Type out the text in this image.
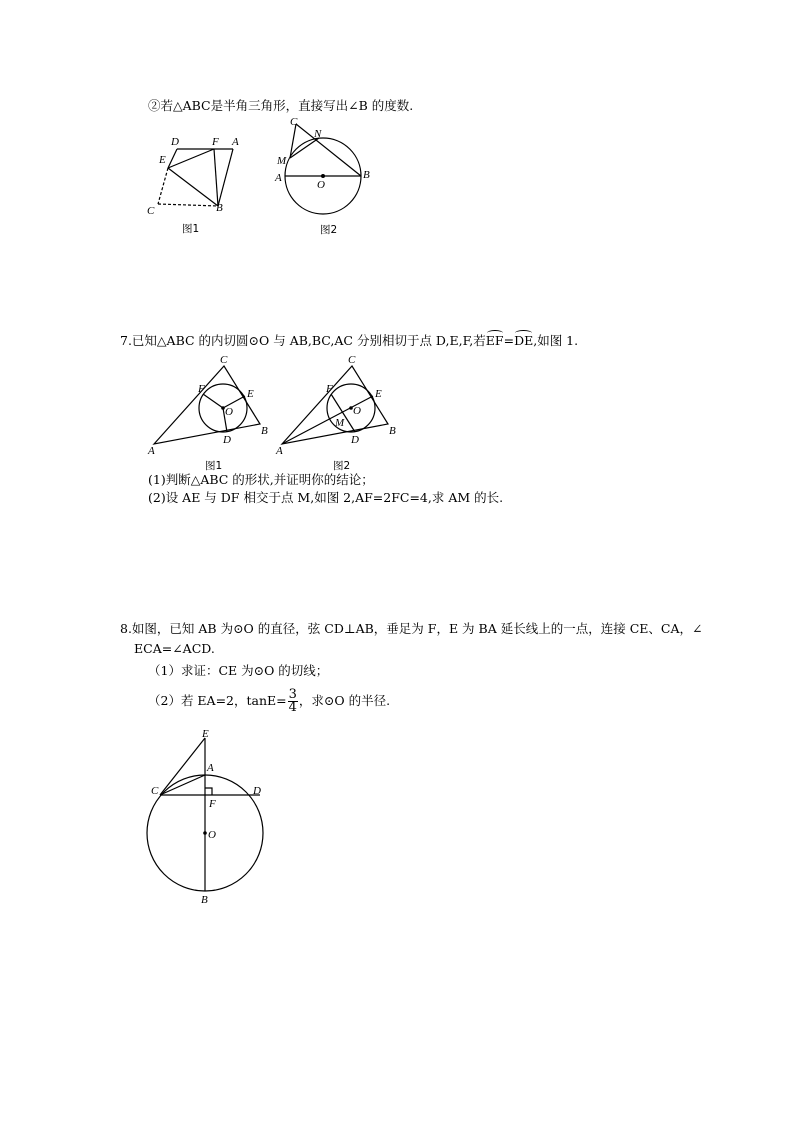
②若△ABC是半角三角形，直接写出∠B 的度数.
D	F A
E
C	B
图1
C
N
M
A
O
B
图2
7.已知△ABC 的内切圆⊙O 与 AB,BC,AC 分别相切于点 D,E,F,若EF=DE,如图 1.
C
F	E
O
A
D
B
图1
C
F	E
O
M
A
D
B
图2
(1)判断△ABC 的形状,并证明你的结论；
(2)设 AE 与 DF 相交于点 M,如图 2,AF=2FC=4,求 AM 的长.
8.如图，已知 AB 为⊙O 的直径，弦 CD⊥AB，垂足为 F，E 为 BA 延长线上的一点，连接 CE、CA，∠
ECA=∠ACD.
（1）求证：CE 为⊙O 的切线；
（2）若 EA=2，$\tan E= \frac{3}{4}$ ，求⊙O 的半径.
E
A
C	D
F
O
B
